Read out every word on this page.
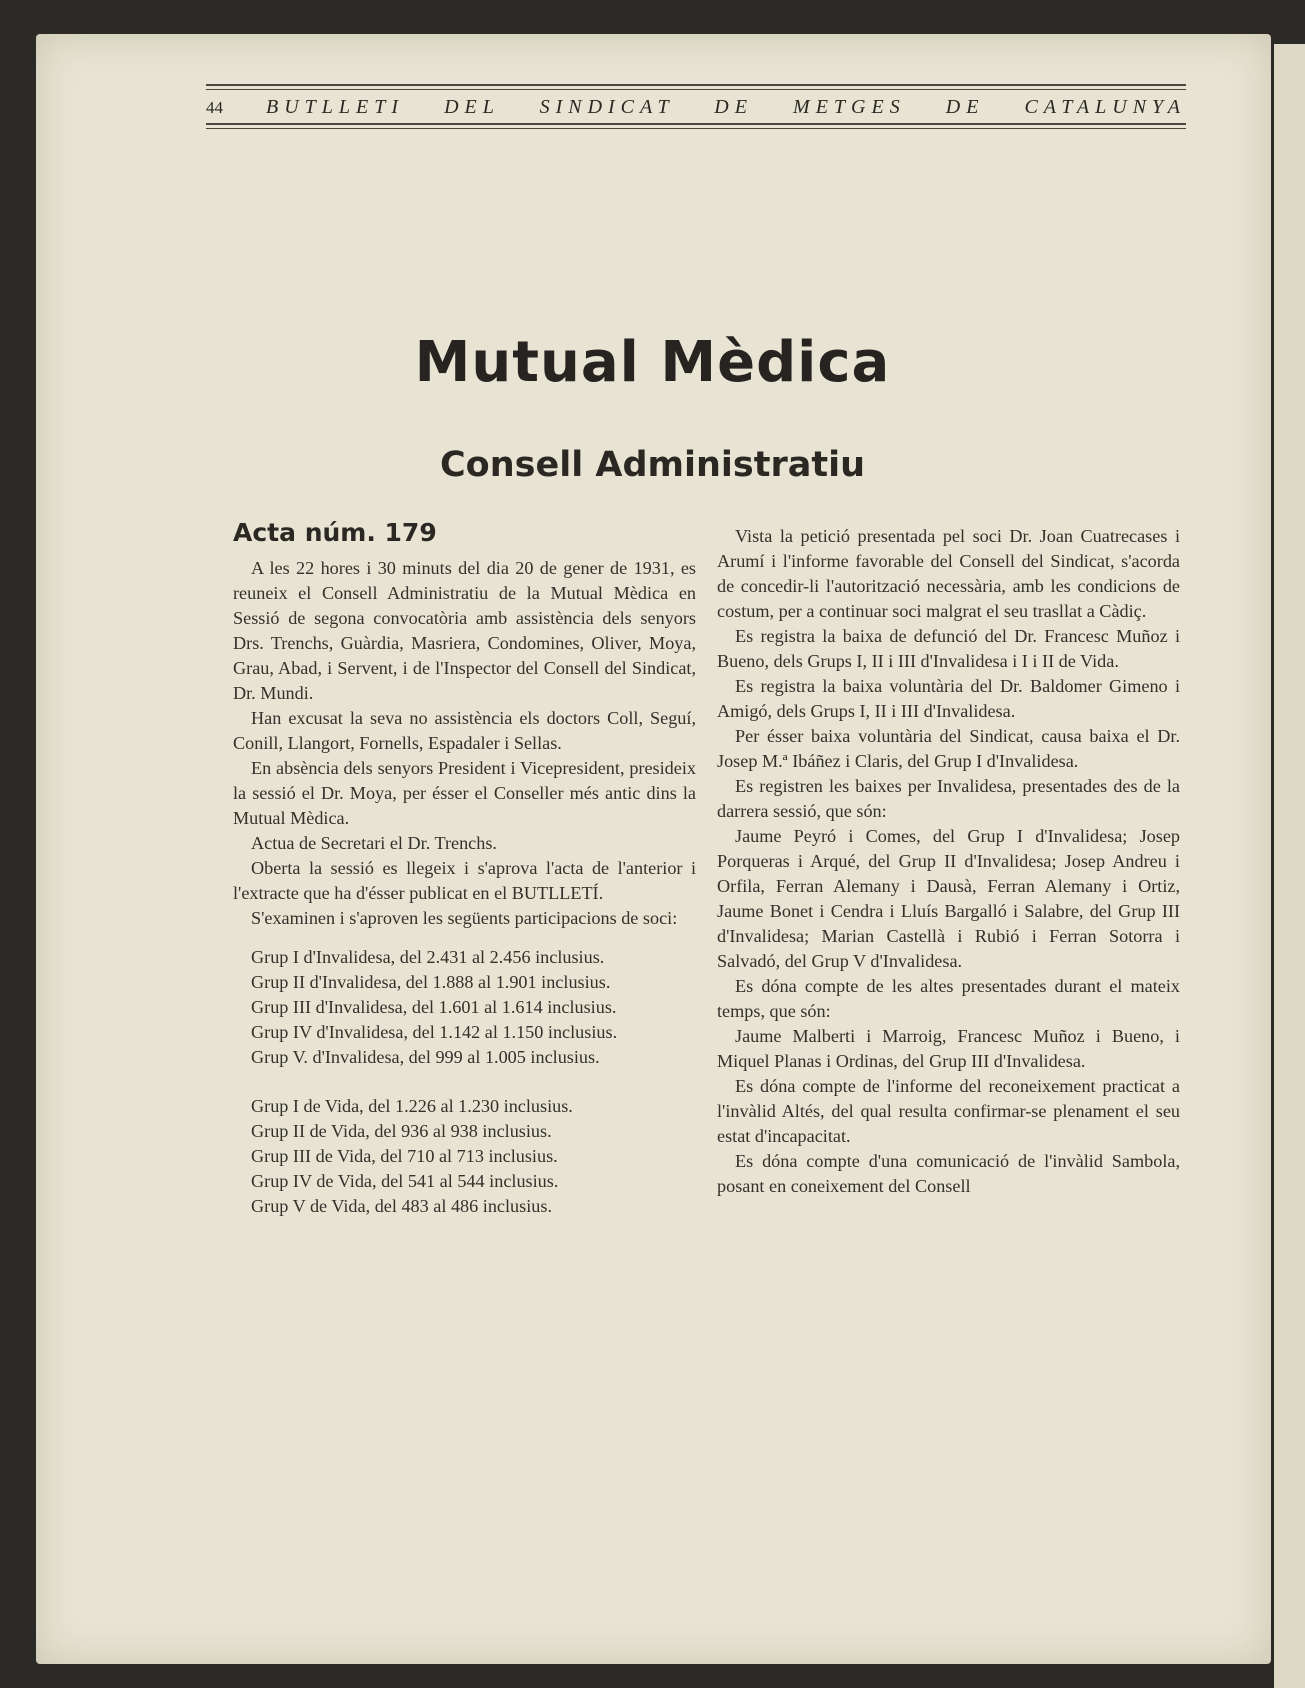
44	BUTLLETI DEL SINDICAT DE METGES DE CATALUNYA
Mutual Mèdica
Consell Administratiu
Acta núm. 179

A les 22 hores i 30 minuts del dia 20 de gener de 1931, es reuneix el Consell Administratiu de la Mutual Mèdica en Sessió de segona convocatòria amb assistència dels senyors Drs. Trenchs, Guàrdia, Masriera, Condomines, Oliver, Moya, Grau, Abad, i Servent, i de l'Inspector del Consell del Sindicat, Dr. Mundi.

Han excusat la seva no assistència els doctors Coll, Seguí, Conill, Llangort, Fornells, Espadaler i Sellas.

En absència dels senyors President i Vicepresident, presideix la sessió el Dr. Moya, per ésser el Conseller més antic dins la Mutual Mèdica.

Actua de Secretari el Dr. Trenchs.

Oberta la sessió es llegeix i s'aprova l'acta de l'anterior i l'extracte que ha d'ésser publicat en el BUTLLETÍ.

S'examinen i s'aproven les següents participacions de soci:

Grup I d'Invalidesa, del 2.431 al 2.456 inclusius.

Grup II d'Invalidesa, del 1.888 al 1.901 inclusius.

Grup III d'Invalidesa, del 1.601 al 1.614 inclusius.

Grup IV d'Invalidesa, del 1.142 al 1.150 inclusius.

Grup V. d'Invalidesa, del 999 al 1.005 inclusius.

Grup I de Vida, del 1.226 al 1.230 inclusius.

Grup II de Vida, del 936 al 938 inclusius.

Grup III de Vida, del 710 al 713 inclusius.

Grup IV de Vida, del 541 al 544 inclusius.

Grup V de Vida, del 483 al 486 inclusius.

Vista la petició presentada pel soci Dr. Joan Cuatrecases i Arumí i l'informe favorable del Consell del Sindicat, s'acorda de concedir-li l'autorització necessària, amb les condicions de costum, per a continuar soci malgrat el seu trasllat a Càdiç.

Es registra la baixa de defunció del Dr. Francesc Muñoz i Bueno, dels Grups I, II i III d'Invalidesa i I i II de Vida.

Es registra la baixa voluntària del Dr. Baldomer Gimeno i Amigó, dels Grups I, II i III d'Invalidesa.

Per ésser baixa voluntària del Sindicat, causa baixa el Dr. Josep M.ª Ibáñez i Claris, del Grup I d'Invalidesa.

Es registren les baixes per Invalidesa, presentades des de la darrera sessió, que són:

Jaume Peyró i Comes, del Grup I d'Invalidesa; Josep Porqueras i Arqué, del Grup II d'Invalidesa; Josep Andreu i Orfila, Ferran Alemany i Dausà, Ferran Alemany i Ortiz, Jaume Bonet i Cendra i Lluís Bargalló i Salabre, del Grup III d'Invalidesa; Marian Castellà i Rubió i Ferran Sotorra i Salvadó, del Grup V d'Invalidesa.

Es dóna compte de les altes presentades durant el mateix temps, que són:

Jaume Malberti i Marroig, Francesc Muñoz i Bueno, i Miquel Planas i Ordinas, del Grup III d'Invalidesa.

Es dóna compte de l'informe del reconeixement practicat a l'invàlid Altés, del qual resulta confirmar-se plenament el seu estat d'incapacitat.

Es dóna compte d'una comunicació de l'invàlid Sambola, posant en coneixement del Consell
